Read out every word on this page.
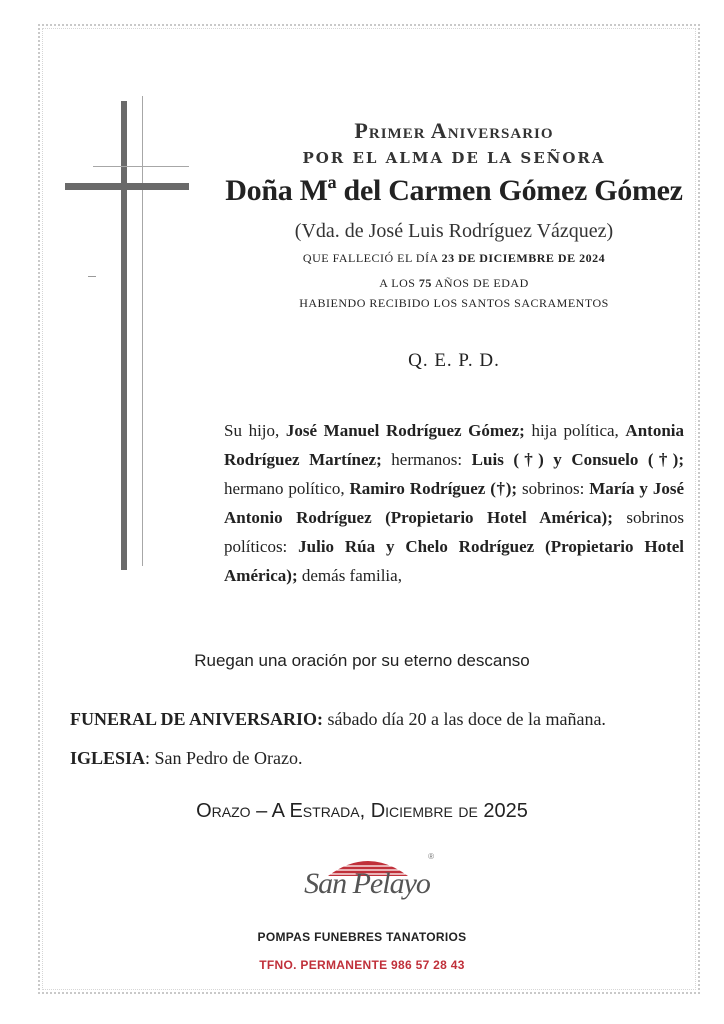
Primer Aniversario
POR EL ALMA DE LA SEÑORA
Doña Mª del Carmen Gómez Gómez
(Vda. de José Luis Rodríguez Vázquez)
QUE FALLECIÓ EL DÍA 23 DE DICIEMBRE DE 2024
A LOS 75 AÑOS DE EDAD
HABIENDO RECIBIDO LOS SANTOS SACRAMENTOS
Q. E. P. D.
Su hijo, José Manuel Rodríguez Gómez; hija política, Antonia Rodríguez Martínez; hermanos: Luis (†) y Consuelo (†); hermano político, Ramiro Rodríguez (†); sobrinos: María y José Antonio Rodríguez (Propietario Hotel América); sobrinos políticos: Julio Rúa y Chelo Rodríguez (Propietario Hotel América); demás familia,
Ruegan una oración por su eterno descanso
FUNERAL DE ANIVERSARIO: sábado día 20 a las doce de la mañana.
IGLESIA: San Pedro de Orazo.
Orazo – A Estrada, Diciembre de 2025
San Pelayo
®
POMPAS FUNEBRES TANATORIOS
TFNO. PERMANENTE 986 57 28 43
